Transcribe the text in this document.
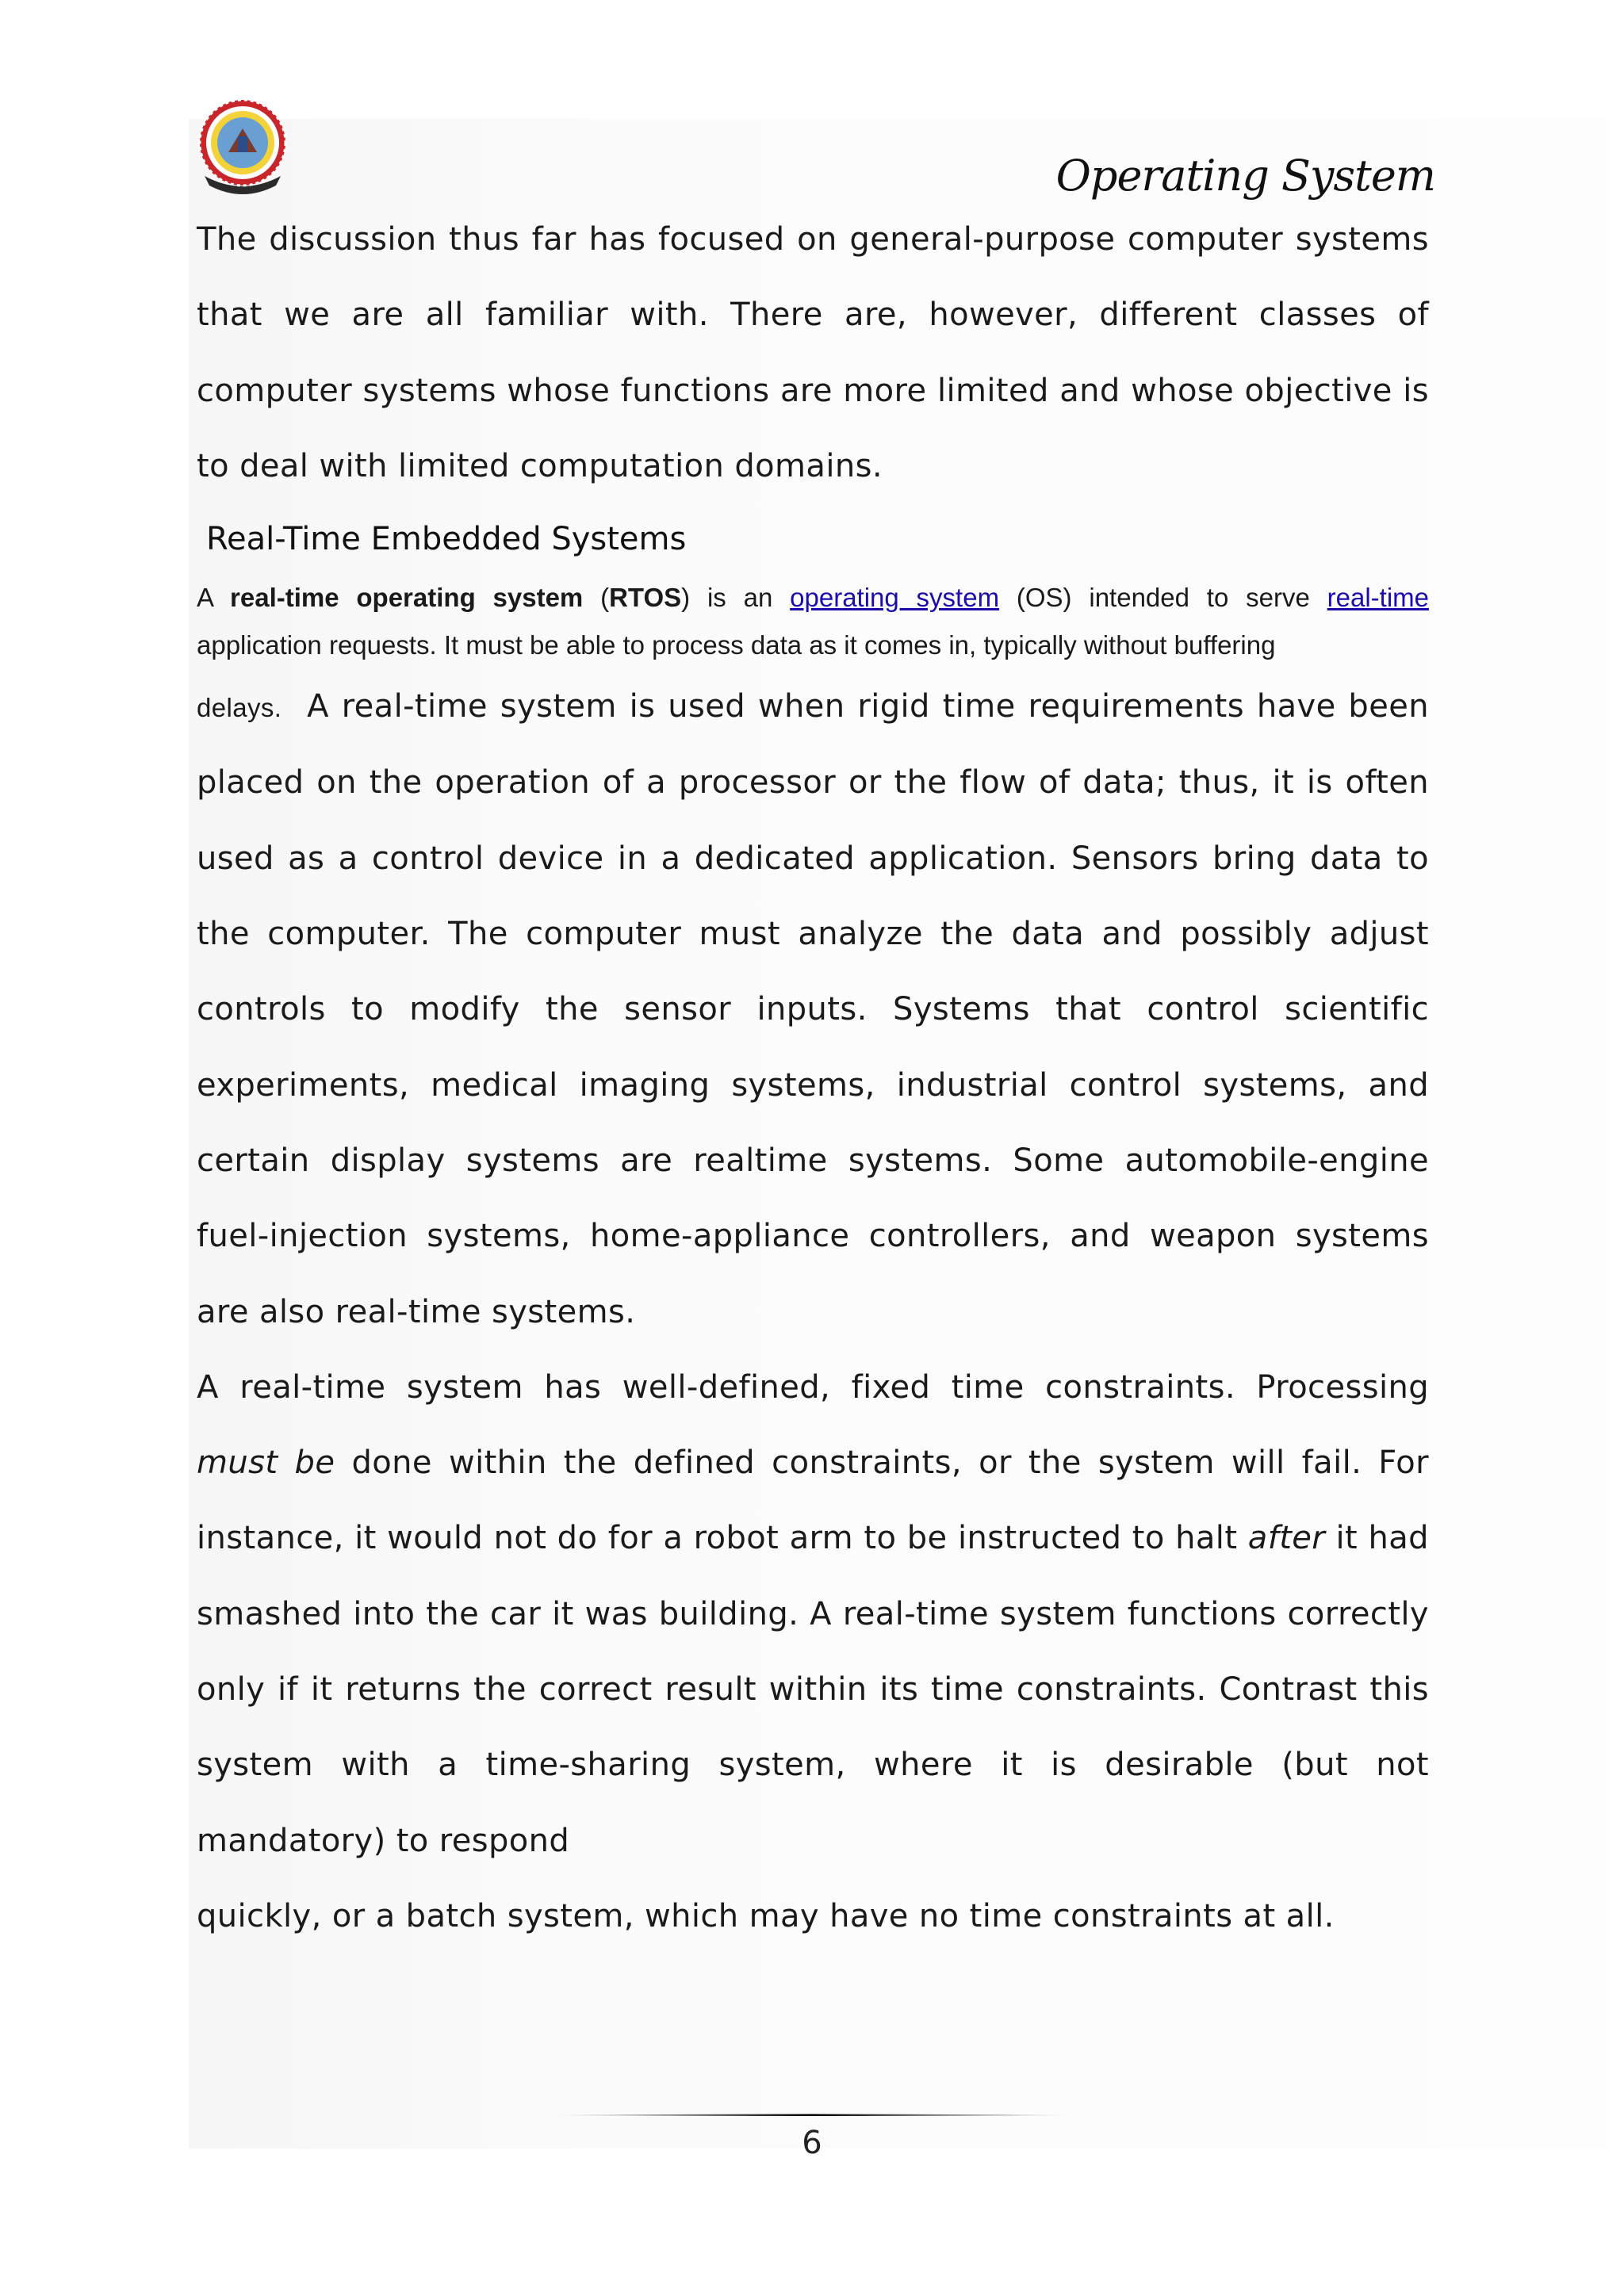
Operating System

The discussion thus far has focused on general-purpose computer systems that we are all familiar with. There are, however, different classes of computer systems whose functions are more limited and whose objective is to deal with limited computation domains.

Real-Time Embedded Systems

A real-time operating system (RTOS) is an operating system (OS) intended to serve real-time application requests. It must be able to process data as it comes in, typically without buffering

delays. A real-time system is used when rigid time requirements have been placed on the operation of a processor or the flow of data; thus, it is often used as a control device in a dedicated application. Sensors bring data to the computer. The computer must analyze the data and possibly adjust controls to modify the sensor inputs. Systems that control scientific experiments, medical imaging systems, industrial control systems, and certain display systems are realtime systems. Some automobile-engine fuel-injection systems, home-appliance controllers, and weapon systems are also real-time systems.

A real-time system has well-defined, fixed time constraints. Processing must be done within the defined constraints, or the system will fail. For instance, it would not do for a robot arm to be instructed to halt after it had smashed into the car it was building. A real-time system functions correctly only if it returns the correct result within its time constraints. Contrast this system with a time-sharing system, where it is desirable (but not mandatory) to respond

quickly, or a batch system, which may have no time constraints at all.

6
